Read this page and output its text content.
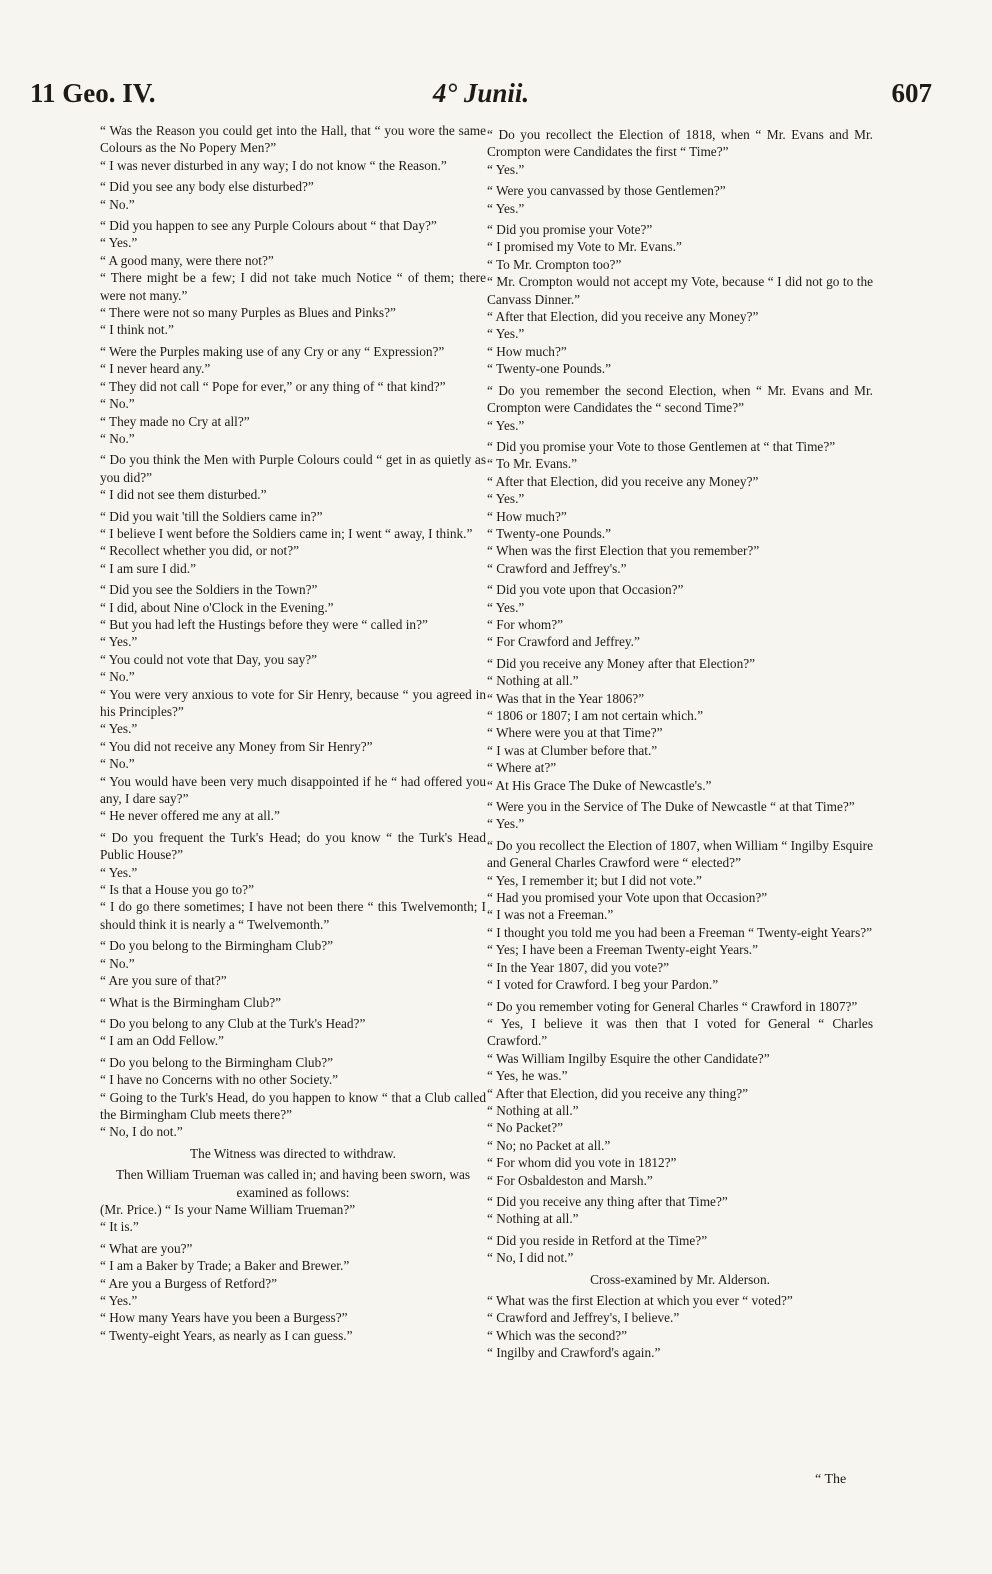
4° Junii.
11 Geo. IV.	607

“ Was the Reason you could get into the Hall, that “ you wore the same Colours as the No Popery Men?”

“ I was never disturbed in any way; I do not know “ the Reason.”

“ Did you see any body else disturbed?”

“ No.”

“ Did you happen to see any Purple Colours about “ that Day?”

“ Yes.”

“ A good many, were there not?”

“ There might be a few; I did not take much Notice “ of them; there were not many.”

“ There were not so many Purples as Blues and Pinks?”

“ I think not.”

“ Were the Purples making use of any Cry or any “ Expression?”

“ I never heard any.”

“ They did not call “ Pope for ever,” or any thing of “ that kind?”

“ No.”

“ They made no Cry at all?”

“ No.”

“ Do you think the Men with Purple Colours could “ get in as quietly as you did?”

“ I did not see them disturbed.”

“ Did you wait 'till the Soldiers came in?”

“ I believe I went before the Soldiers came in; I went “ away, I think.”

“ Recollect whether you did, or not?”

“ I am sure I did.”

“ Did you see the Soldiers in the Town?”

“ I did, about Nine o'Clock in the Evening.”

“ But you had left the Hustings before they were “ called in?”

“ Yes.”

“ You could not vote that Day, you say?”

“ No.”

“ You were very anxious to vote for Sir Henry, because “ you agreed in his Principles?”

“ Yes.”

“ You did not receive any Money from Sir Henry?”

“ No.”

“ You would have been very much disappointed if he “ had offered you any, I dare say?”

“ He never offered me any at all.”

“ Do you frequent the Turk's Head; do you know “ the Turk's Head Public House?”

“ Yes.”

“ Is that a House you go to?”

“ I do go there sometimes; I have not been there “ this Twelvemonth; I should think it is nearly a “ Twelvemonth.”

“ Do you belong to the Birmingham Club?”

“ No.”

“ Are you sure of that?”

“ What is the Birmingham Club?”

“ Do you belong to any Club at the Turk's Head?”

“ I am an Odd Fellow.”

“ Do you belong to the Birmingham Club?”

“ I have no Concerns with no other Society.”

“ Going to the Turk's Head, do you happen to know “ that a Club called the Birmingham Club meets there?”

“ No, I do not.”

The Witness was directed to withdraw.

Then William Trueman was called in; and having been sworn, was examined as follows:

(Mr. Price.) “ Is your Name William Trueman?”

“ It is.”

“ What are you?”

“ I am a Baker by Trade; a Baker and Brewer.”

“ Are you a Burgess of Retford?”

“ Yes.”

“ How many Years have you been a Burgess?”

“ Twenty-eight Years, as nearly as I can guess.”

“ Do you recollect the Election of 1818, when “ Mr. Evans and Mr. Crompton were Candidates the first “ Time?”

“ Yes.”

“ Were you canvassed by those Gentlemen?”

“ Yes.”

“ Did you promise your Vote?”

“ I promised my Vote to Mr. Evans.”

“ To Mr. Crompton too?”

“ Mr. Crompton would not accept my Vote, because “ I did not go to the Canvass Dinner.”

“ After that Election, did you receive any Money?”

“ Yes.”

“ How much?”

“ Twenty-one Pounds.”

“ Do you remember the second Election, when “ Mr. Evans and Mr. Crompton were Candidates the “ second Time?”

“ Yes.”

“ Did you promise your Vote to those Gentlemen at “ that Time?”

“ To Mr. Evans.”

“ After that Election, did you receive any Money?”

“ Yes.”

“ How much?”

“ Twenty-one Pounds.”

“ When was the first Election that you remember?”

“ Crawford and Jeffrey's.”

“ Did you vote upon that Occasion?”

“ Yes.”

“ For whom?”

“ For Crawford and Jeffrey.”

“ Did you receive any Money after that Election?”

“ Nothing at all.”

“ Was that in the Year 1806?”

“ 1806 or 1807; I am not certain which.”

“ Where were you at that Time?”

“ I was at Clumber before that.”

“ Where at?”

“ At His Grace The Duke of Newcastle's.”

“ Were you in the Service of The Duke of Newcastle “ at that Time?”

“ Yes.”

“ Do you recollect the Election of 1807, when William “ Ingilby Esquire and General Charles Crawford were “ elected?”

“ Yes, I remember it; but I did not vote.”

“ Had you promised your Vote upon that Occasion?”

“ I was not a Freeman.”

“ I thought you told me you had been a Freeman “ Twenty-eight Years?”

“ Yes; I have been a Freeman Twenty-eight Years.”

“ In the Year 1807, did you vote?”

“ I voted for Crawford. I beg your Pardon.”

“ Do you remember voting for General Charles “ Crawford in 1807?”

“ Yes, I believe it was then that I voted for General “ Charles Crawford.”

“ Was William Ingilby Esquire the other Candidate?”

“ Yes, he was.”

“ After that Election, did you receive any thing?”

“ Nothing at all.”

“ No Packet?”

“ No; no Packet at all.”

“ For whom did you vote in 1812?”

“ For Osbaldeston and Marsh.”

“ Did you receive any thing after that Time?”

“ Nothing at all.”

“ Did you reside in Retford at the Time?”

“ No, I did not.”

Cross-examined by Mr. Alderson.

“ What was the first Election at which you ever “ voted?”

“ Crawford and Jeffrey's, I believe.”

“ Which was the second?”

“ Ingilby and Crawford's again.”

“ The
